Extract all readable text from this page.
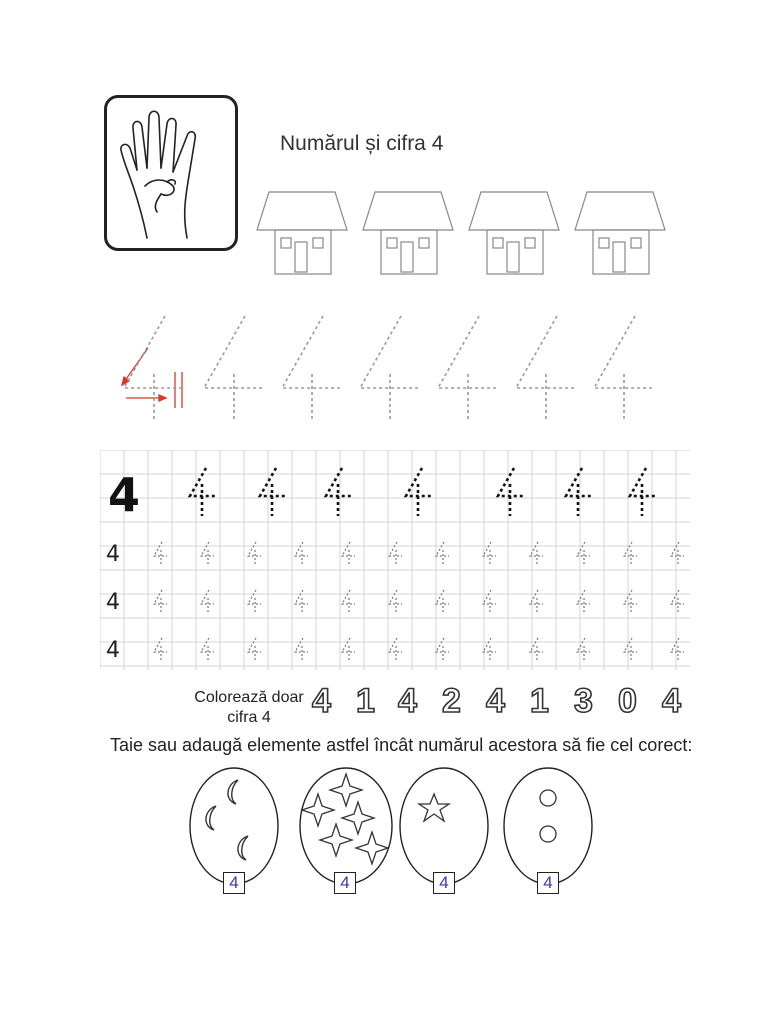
Numărul și cifra 4
4
4
4
4
Colorează doar
cifra 4	4 1 4 2 4 1 3 0 4
Taie sau adaugă elemente astfel încât numărul acestora să fie cel corect:
4	4	4	4
